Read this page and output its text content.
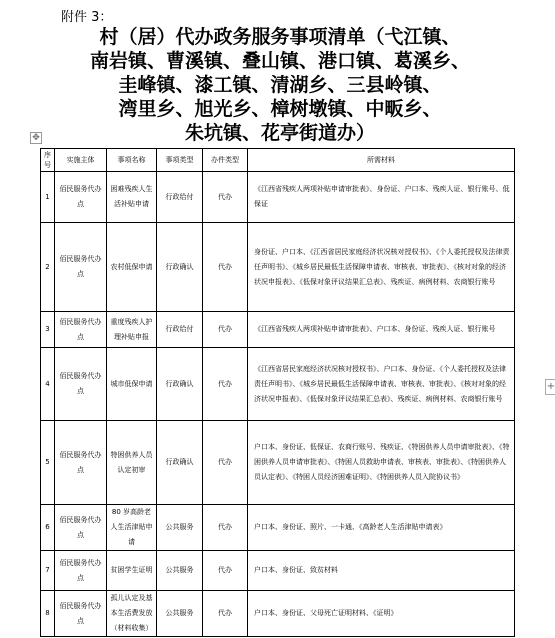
附件 3：
村（居）代办政务服务事项清单（弋江镇、
南岩镇、曹溪镇、叠山镇、港口镇、葛溪乡、
圭峰镇、漆工镇、清湖乡、三县岭镇、
湾里乡、旭光乡、樟树墩镇、中畈乡、
朱坑镇、花亭街道办）
✥
+
序号	实施主体	事项名称	事项类型	办件类型	所需材料
1	佰民服务代办点	困难残疾人生活补贴申请	行政给付	代办	《江西省残疾人两项补贴申请审批表》、身份证、户口本、残疾人证、银行账号、低保证
2	佰民服务代办点	农村低保申请	行政确认	代办	身份证、户口本、《江西省居民家庭经济状况核对授权书》、《个人委托授权及法律责任声明书》、《城乡居民最低生活保障申请表、审核表、审批表》、《核对对象的经济状况申报表》、《低保对象评议结果汇总表》、残疾证、病例材料、农商银行账号
3	佰民服务代办点	重度残疾人护理补贴申报	行政给付	代办	《江西省残疾人两项补贴申请审批表》、户口本、身份证、残疾人证、银行账号
4	佰民服务代办点	城市低保申请	行政确认	代办	《江西省居民家庭经济状况核对授权书》、户口本、身份证、《个人委托授权及法律责任声明书》、《城乡居民最低生活保障申请表、审核表、审批表》、《核对对象的经济状况申报表》、《低保对象评议结果汇总表》、残疾证、病例材料、农商银行账号
5	佰民服务代办点	特困供养人员认定初审	行政确认	代办	户口本、身份证、低保证、农商行账号、残疾证、《特困供养人员申请审批表》、《特困供养人员申请审批表》、《特困人员救助申请表、审核表、审批表》、《特困供养人员认定表》、《特困人员经济困难证明》、《特困供养人员入院协议书》
6	佰民服务代办点	80 岁高龄老人生活津贴申请	公共服务	代办	户口本、身份证、照片、一卡通、《高龄老人生活津贴申请表》
7	佰民服务代办点	贫困学生证明	公共服务	代办	户口本、身份证、致贫材料
8	佰民服务代办点	孤儿认定及基本生活费发放（材料收集）	公共服务	代办	户口本、身份证、父母死亡证明材料、《证明》
